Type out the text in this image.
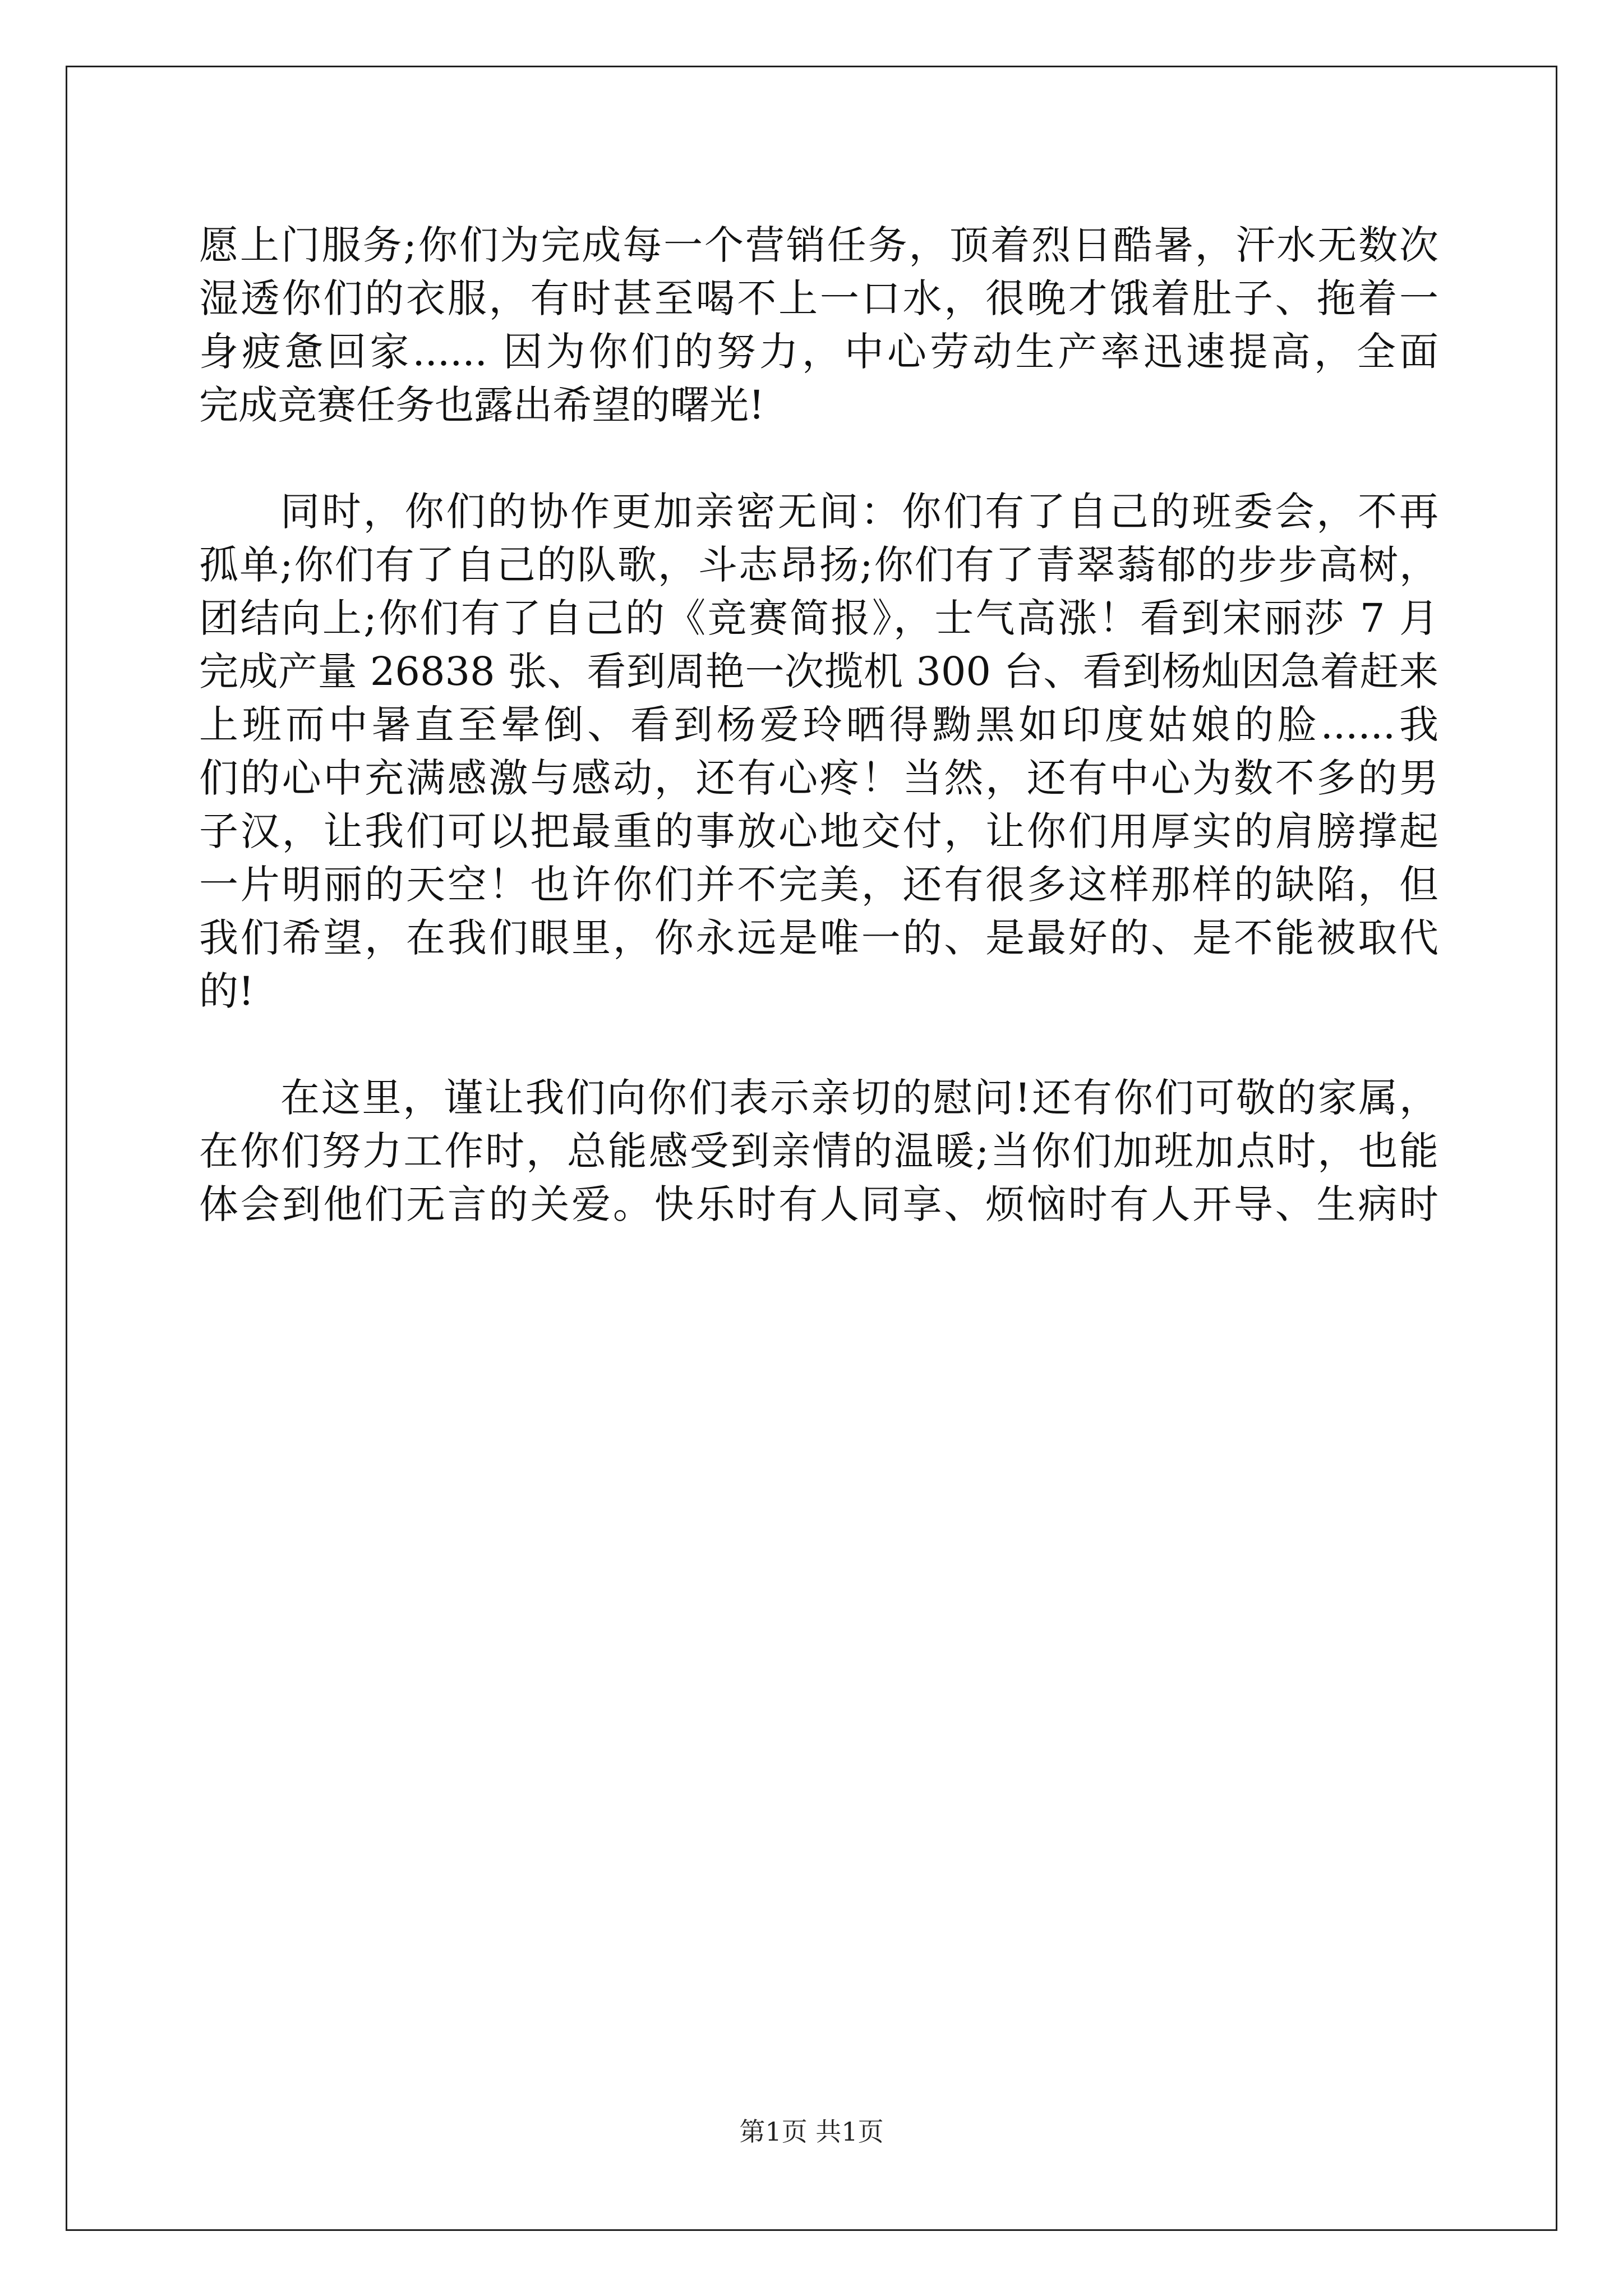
愿上门服务;你们为完成每一个营销任务，顶着烈日酷暑，汗水无数次
湿透你们的衣服，有时甚至喝不上一口水，很晚才饿着肚子、拖着一
身疲惫回家...... 因为你们的努力，中心劳动生产率迅速提高，全面
完成竞赛任务也露出希望的曙光!
同时，你们的协作更加亲密无间：你们有了自己的班委会，不再
孤单;你们有了自己的队歌，斗志昂扬;你们有了青翠蓊郁的步步高树，
团结向上;你们有了自己的《竞赛简报》，士气高涨！看到宋丽莎 7 月
完成产量 26838 张、看到周艳一次揽机 300 台、看到杨灿因急着赶来
上班而中暑直至晕倒、看到杨爱玲晒得黝黑如印度姑娘的脸......我
们的心中充满感激与感动，还有心疼！当然，还有中心为数不多的男
子汉，让我们可以把最重的事放心地交付，让你们用厚实的肩膀撑起
一片明丽的天空！也许你们并不完美，还有很多这样那样的缺陷，但
我们希望，在我们眼里，你永远是唯一的、是最好的、是不能被取代
的!
在这里，谨让我们向你们表示亲切的慰问!还有你们可敬的家属，
在你们努力工作时，总能感受到亲情的温暖;当你们加班加点时，也能
体会到他们无言的关爱。快乐时有人同享、烦恼时有人开导、生病时
第1页 共1页
